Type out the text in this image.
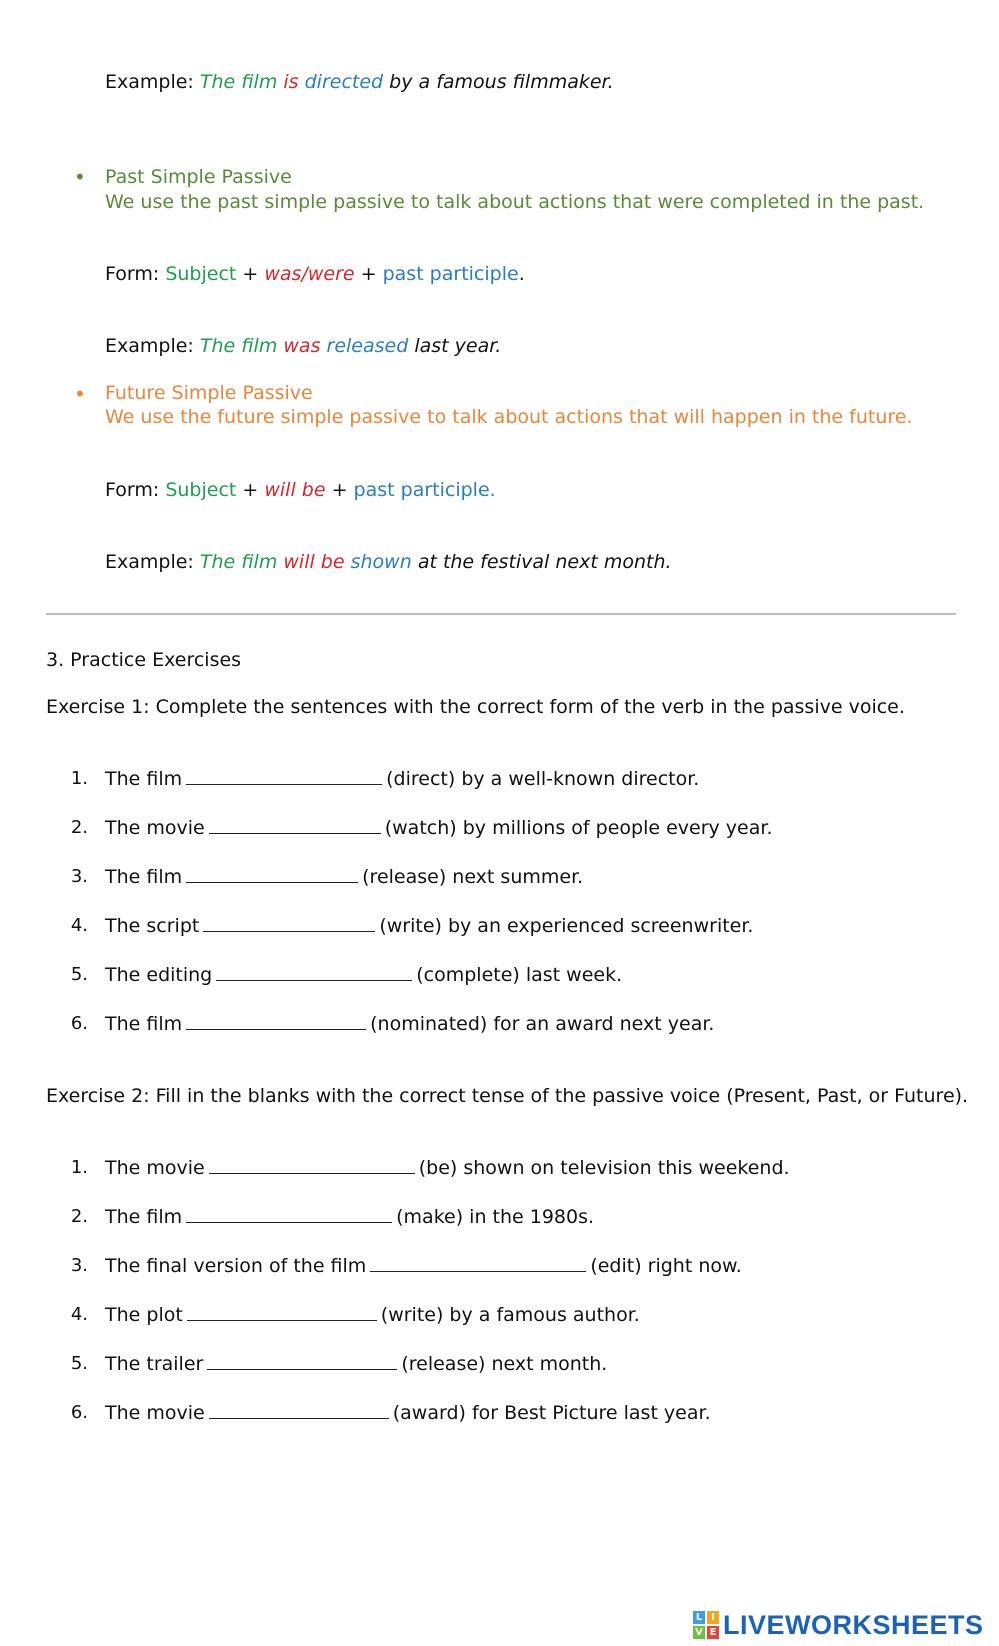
Example: The film is directed by a famous filmmaker.
• Past Simple Passive
We use the past simple passive to talk about actions that were completed in the past.
Form: Subject + was/were + past participle.
Example: The film was released last year.
• Future Simple Passive
We use the future simple passive to talk about actions that will happen in the future.
Form: Subject + will be + past participle.
Example: The film will be shown at the festival next month.
3. Practice Exercises
Exercise 1: Complete the sentences with the correct form of the verb in the passive voice.
1. The film	(direct) by a well-known director.
2. The movie	(watch) by millions of people every year.
3. The film	(release) next summer.
4. The script	(write) by an experienced screenwriter.
5. The editing	(complete) last week.
6. The film	(nominated) for an award next year.
Exercise 2: Fill in the blanks with the correct tense of the passive voice (Present, Past, or Future).
1. The movie	(be) shown on television this weekend.
2. The film	(make) in the 1980s.
3. The final version of the film	(edit) right now.
4. The plot	(write) by a famous author.
5. The trailer	(release) next month.
6. The movie	(award) for Best Picture last year.
L I
V E LIVEWORKSHEETS
